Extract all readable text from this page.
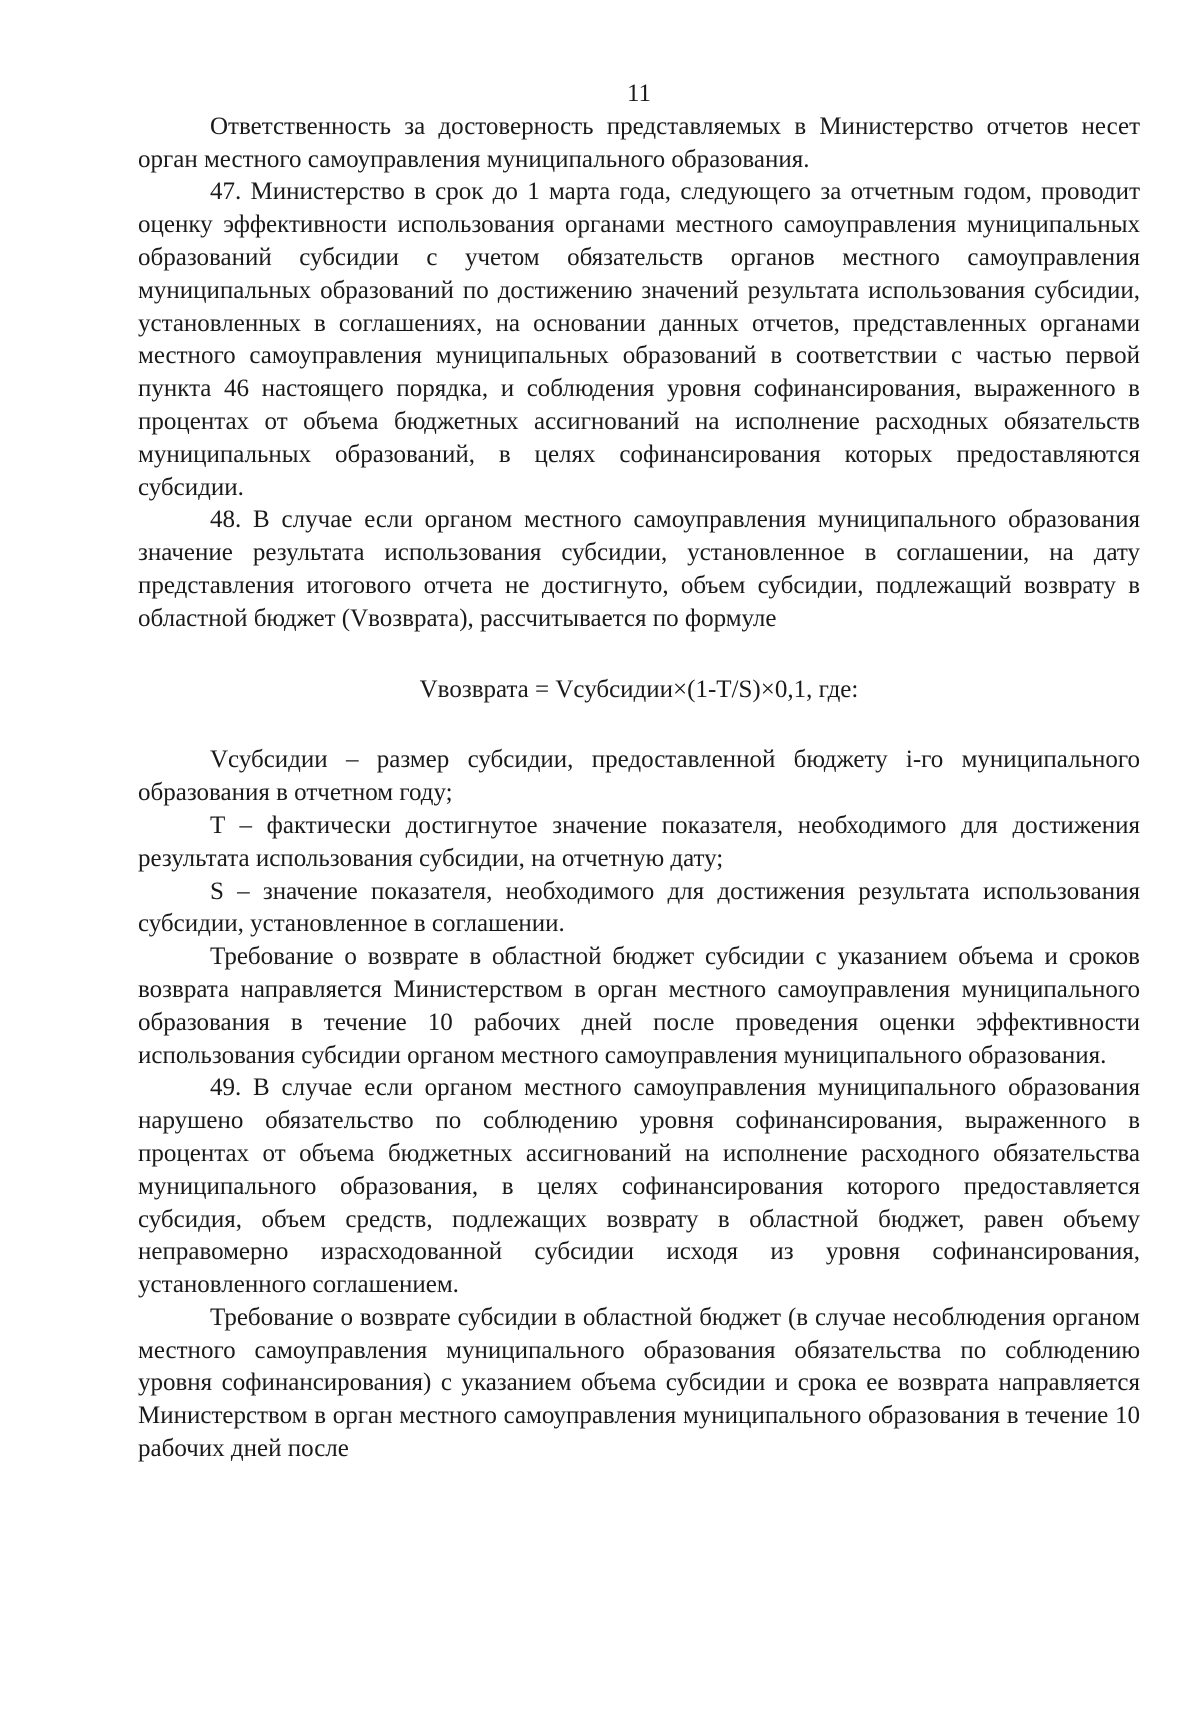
11

Ответственность за достоверность представляемых в Министерство отчетов несет орган местного самоуправления муниципального образования.

47. Министерство в срок до 1 марта года, следующего за отчетным годом, проводит оценку эффективности использования органами местного самоуправления муниципальных образований субсидии с учетом обязательств органов местного самоуправления муниципальных образований по достижению значений результата использования субсидии, установленных в соглашениях, на основании данных отчетов, представленных органами местного самоуправления муниципальных образований в соответствии с частью первой пункта 46 настоящего порядка, и соблюдения уровня софинансирования, выраженного в процентах от объема бюджетных ассигнований на исполнение расходных обязательств муниципальных образований, в целях софинансирования которых предоставляются субсидии.

48. В случае если органом местного самоуправления муниципального образования значение результата использования субсидии, установленное в соглашении, на дату представления итогового отчета не достигнуто, объем субсидии, подлежащий возврату в областной бюджет (Vвозврата), рассчитывается по формуле

Vвозврата = Vсубсидии×(1-T/S)×0,1, где:

Vсубсидии – размер субсидии, предоставленной бюджету i-го муниципального образования в отчетном году;

T – фактически достигнутое значение показателя, необходимого для достижения результата использования субсидии, на отчетную дату;

S – значение показателя, необходимого для достижения результата использования субсидии, установленное в соглашении.

Требование о возврате в областной бюджет субсидии с указанием объема и сроков возврата направляется Министерством в орган местного самоуправления муниципального образования в течение 10 рабочих дней после проведения оценки эффективности использования субсидии органом местного самоуправления муниципального образования.

49. В случае если органом местного самоуправления муниципального образования нарушено обязательство по соблюдению уровня софинансирования, выраженного в процентах от объема бюджетных ассигнований на исполнение расходного обязательства муниципального образования, в целях софинансирования которого предоставляется субсидия, объем средств, подлежащих возврату в областной бюджет, равен объему неправомерно израсходованной субсидии исходя из уровня софинансирования, установленного соглашением.

Требование о возврате субсидии в областной бюджет (в случае несоблюдения органом местного самоуправления муниципального образования обязательства по соблюдению уровня софинансирования) с указанием объема субсидии и срока ее возврата направляется Министерством в орган местного самоуправления муниципального образования в течение 10 рабочих дней после
